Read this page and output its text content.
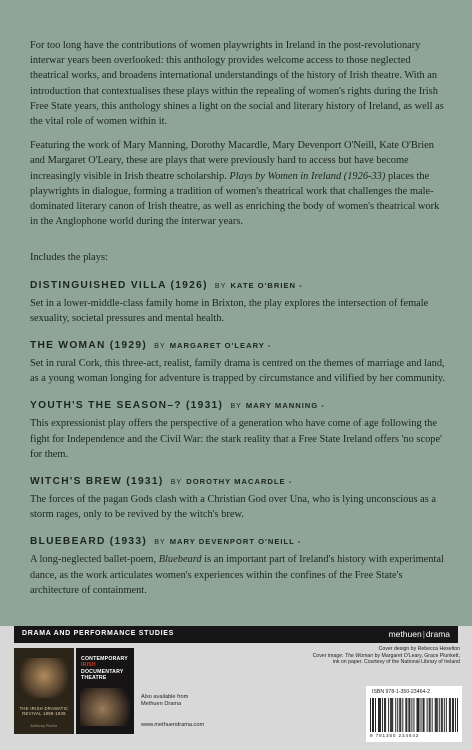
For too long have the contributions of women playwrights in Ireland in the post-revolutionary interwar years been overlooked: this anthology provides welcome access to those neglected theatrical works, and broadens international understandings of the history of Irish theatre. With an introduction that contextualises these plays within the repealing of women's rights during the Irish Free State years, this anthology shines a light on the social and literary history of Ireland, as well as the vital role of women within it.

Featuring the work of Mary Manning, Dorothy Macardle, Mary Devenport O'Neill, Kate O'Brien and Margaret O'Leary, these are plays that were previously hard to access but have become increasingly visible in Irish theatre scholarship. Plays by Women in Ireland (1926-33) places the playwrights in dialogue, forming a tradition of women's theatrical work that challenges the male-dominated literary canon of Irish theatre, as well as enriching the body of women's theatrical work in the Anglophone world during the interwar years.

Includes the plays:

DISTINGUISHED VILLA (1926) BY KATE O'BRIEN -

Set in a lower-middle-class family home in Brixton, the play explores the intersection of female sexuality, societal pressures and mental health.

THE WOMAN (1929) BY MARGARET O'LEARY -

Set in rural Cork, this three-act, realist, family drama is centred on the themes of marriage and land, as a young woman longing for adventure is trapped by circumstance and vilified by her community.

YOUTH'S THE SEASON–? (1931) BY MARY MANNING -

This expressionist play offers the perspective of a generation who have come of age following the fight for Independence and the Civil War: the stark reality that a Free State Ireland offers 'no scope' for them.

WITCH'S BREW (1931) BY DOROTHY MACARDLE -

The forces of the pagan Gods clash with a Christian God over Una, who is lying unconscious as a storm rages, only to be revived by the witch's brew.

BLUEBEARD (1933) BY MARY DEVENPORT O'NEILL -

A long-neglected ballet-poem, Bluebeard is an important part of Ireland's history with experimental dance, as the work articulates women's experiences within the confines of the Free State's architecture of containment.

DRAMA AND PERFORMANCE STUDIES	methuen|drama
THE IRISH DRAMATIC REVIVAL 1899-1939
Anthony Roche
CONTEMPORARY
IRISH
DOCUMENTARY THEATRE
Also available from
Methuen Drama
www.methuendrama.com
Cover design by Rebecca Heselton
Cover image: The Woman by Margaret O'Leary, Grace Plunkett,
ink on paper. Courtesy of the National Library of Ireland
ISBN 978-1-350-23464-2
9 781350 234642
